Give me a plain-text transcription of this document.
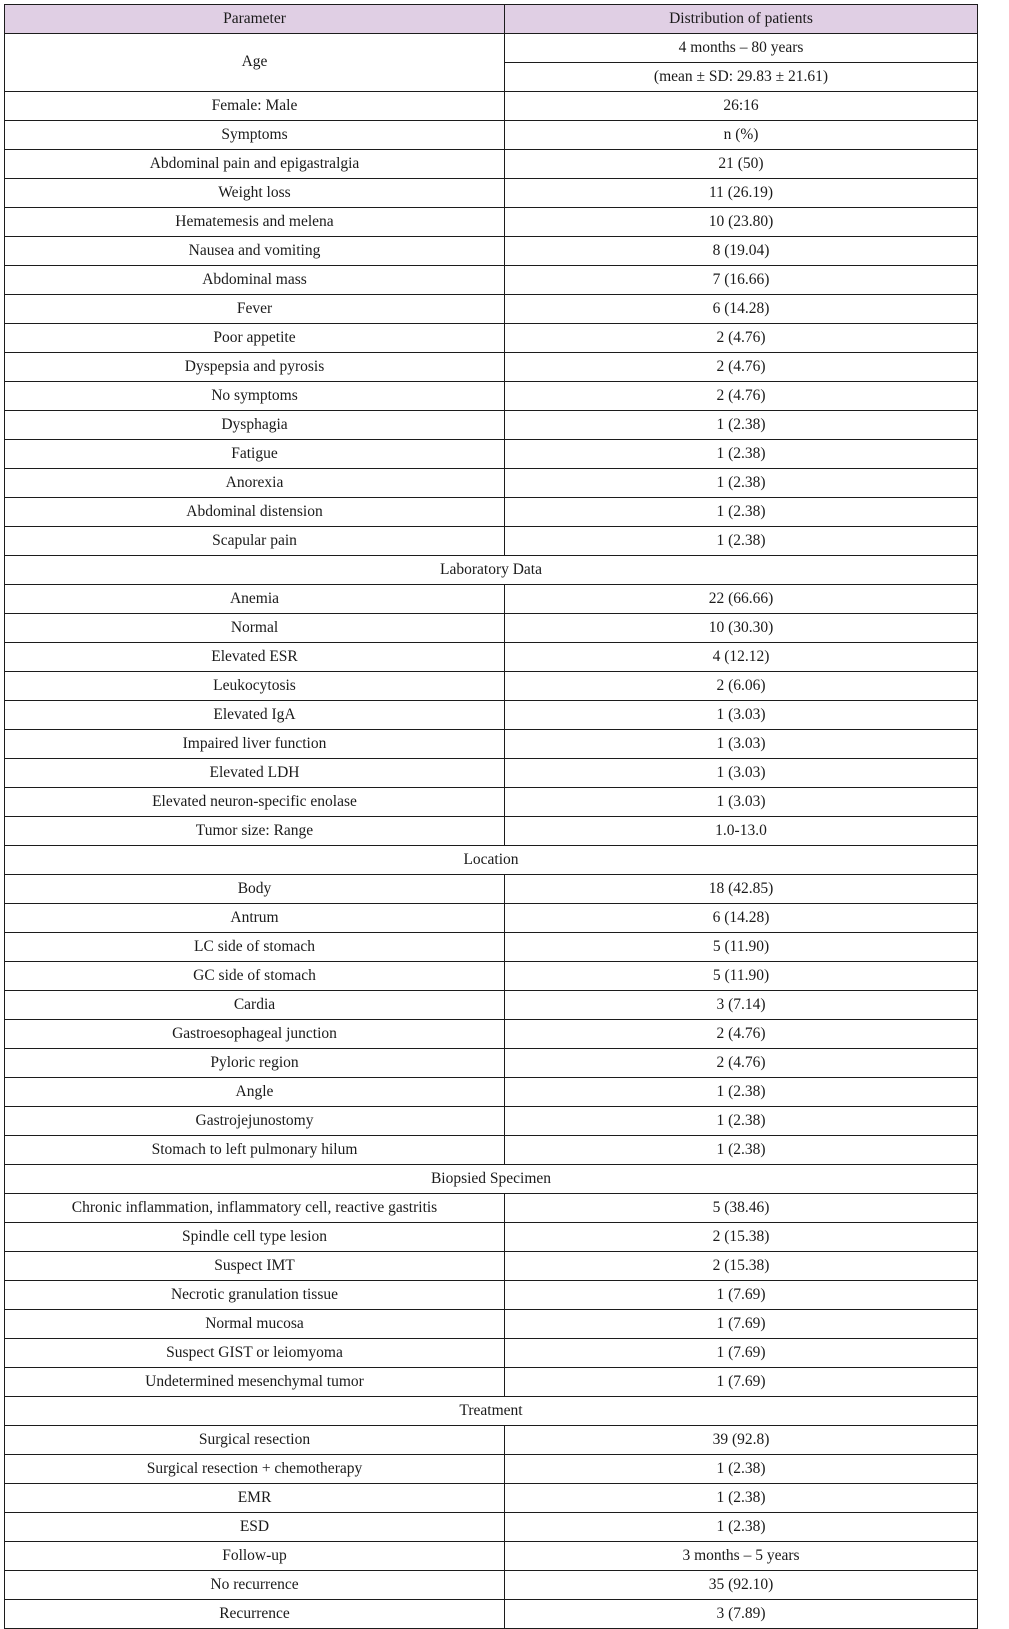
Parameter	Distribution of patients
Age	4 months – 80 years
	(mean ± SD: 29.83 ± 21.61)
Female: Male	26:16
Symptoms	n (%)
Abdominal pain and epigastralgia	21 (50)
Weight loss	11 (26.19)
Hematemesis and melena	10 (23.80)
Nausea and vomiting	8 (19.04)
Abdominal mass	7 (16.66)
Fever	6 (14.28)
Poor appetite	2 (4.76)
Dyspepsia and pyrosis	2 (4.76)
No symptoms	2 (4.76)
Dysphagia	1 (2.38)
Fatigue	1 (2.38)
Anorexia	1 (2.38)
Abdominal distension	1 (2.38)
Scapular pain	1 (2.38)
Laboratory Data	
Anemia	22 (66.66)
Normal	10 (30.30)
Elevated ESR	4 (12.12)
Leukocytosis	2 (6.06)
Elevated IgA	1 (3.03)
Impaired liver function	1 (3.03)
Elevated LDH	1 (3.03)
Elevated neuron-specific enolase	1 (3.03)
Tumor size: Range	1.0-13.0
Location	
Body	18 (42.85)
Antrum	6 (14.28)
LC side of stomach	5 (11.90)
GC side of stomach	5 (11.90)
Cardia	3 (7.14)
Gastroesophageal junction	2 (4.76)
Pyloric region	2 (4.76)
Angle	1 (2.38)
Gastrojejunostomy	1 (2.38)
Stomach to left pulmonary hilum	1 (2.38)
Biopsied Specimen	
Chronic inflammation, inflammatory cell, reactive gastritis	5 (38.46)
Spindle cell type lesion	2 (15.38)
Suspect IMT	2 (15.38)
Necrotic granulation tissue	1 (7.69)
Normal mucosa	1 (7.69)
Suspect GIST or leiomyoma	1 (7.69)
Undetermined mesenchymal tumor	1 (7.69)
Treatment	
Surgical resection	39 (92.8)
Surgical resection + chemotherapy	1 (2.38)
EMR	1 (2.38)
ESD	1 (2.38)
Follow-up	3 months – 5 years
No recurrence	35 (92.10)
Recurrence	3 (7.89)
